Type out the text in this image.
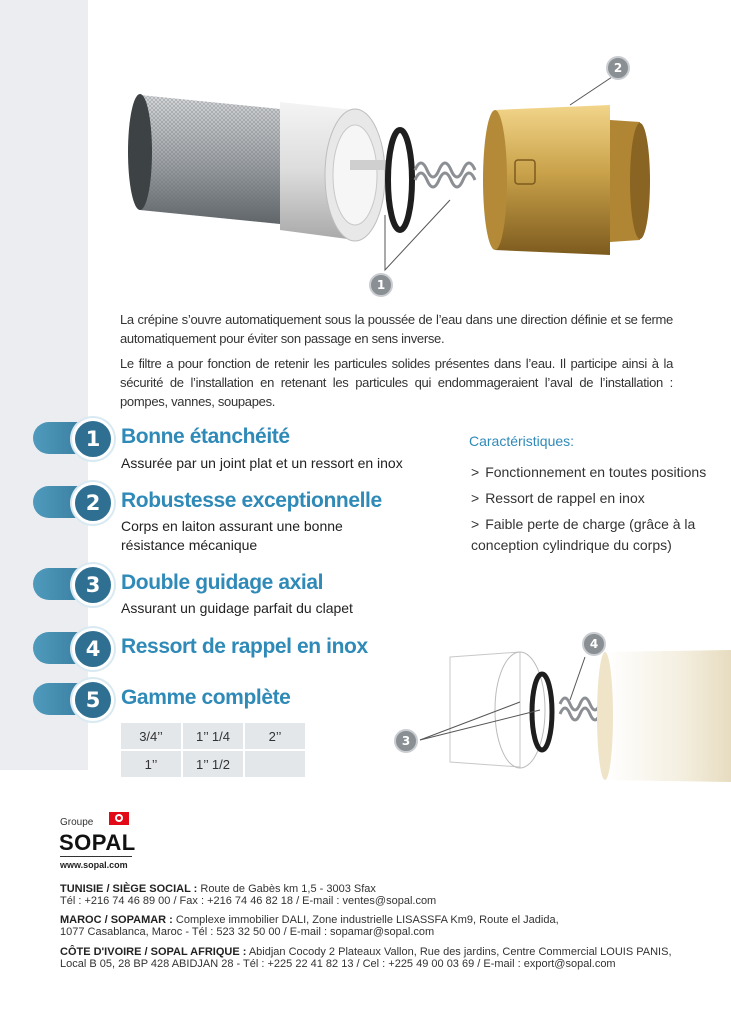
2
1
La crépine s’ouvre automatiquement sous la poussée de l’eau dans une direction définie et se ferme automatiquement pour éviter son passage en sens inverse.
Le filtre a pour fonction de retenir les particules solides présentes dans l’eau. Il participe ainsi à la sécurité de l’installation en retenant les particules qui endommageraient l’aval de l’installation : pompes, vannes, soupapes.
1 Bonne étanchéité
Assurée par un joint plat et un ressort en inox
2 Robustesse exceptionnelle
Corps en laiton assurant une bonne
résistance mécanique
3 Double guidage axial
Assurant un guidage parfait du clapet
4 Ressort de rappel en inox
5 Gamme complète
Caractéristiques:
> Fonctionnement en toutes positions
> Ressort de rappel en inox
> Faible perte de charge (grâce à la
conception cylindrique du corps)
3/4’’	1’’ 1/4	2’’
1’’	1’’ 1/2	
4
3
Groupe
SOPAL
www.sopal.com
TUNISIE / SIÈGE SOCIAL : Route de Gabès km 1,5 - 3003 Sfax
Tél : +216 74 46 89 00 / Fax : +216 74 46 82 18 / E-mail : ventes@sopal.com
MAROC / SOPAMAR : Complexe immobilier DALI, Zone industrielle LISASSFA Km9, Route el Jadida,
1077 Casablanca, Maroc - Tél : 523 32 50 00 / E-mail : sopamar@sopal.com
CÔTE D'IVOIRE / SOPAL AFRIQUE : Abidjan Cocody 2 Plateaux Vallon, Rue des jardins, Centre Commercial LOUIS PANIS,
Local B 05, 28 BP 428 ABIDJAN 28 - Tél : +225 22 41 82 13 / Cel : +225 49 00 03 69 / E-mail : export@sopal.com
